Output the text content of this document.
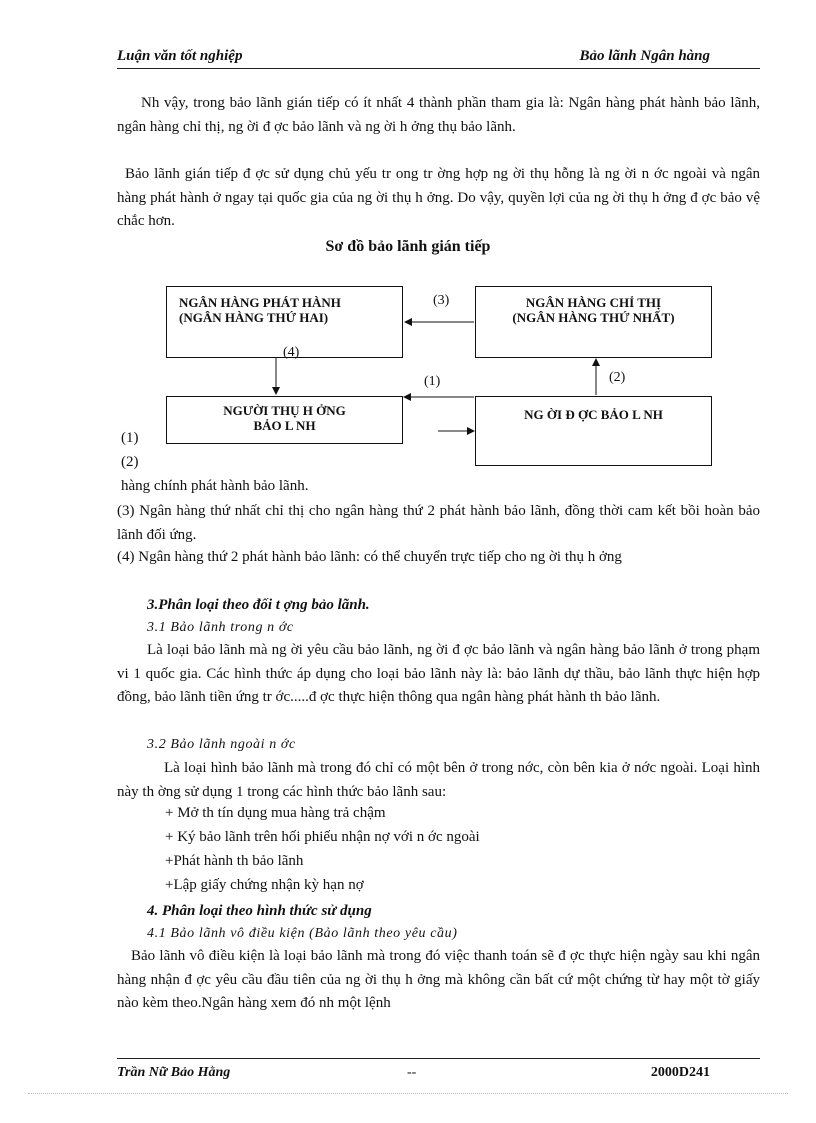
Luận văn tốt nghiệp	Bảo lãnh Ngân hàng

Nh vậy, trong bảo lãnh gián tiếp có ít nhất 4 thành phần tham gia là: Ngân hàng phát hành bảo lãnh, ngân hàng chỉ thị, ng ời đ ợc bảo lãnh và ng ời h ởng thụ bảo lãnh.

Bảo lãnh gián tiếp đ ợc sử dụng chủ yếu tr ong tr ờng hợp ng ời thụ hỗng là ng ời n ớc ngoài và ngân hàng phát hành ở ngay tại quốc gia của ng ời thụ h ởng. Do vậy, quyền lợi của ng ời thụ h ởng đ ợc bảo vệ chắc hơn.

Sơ đồ bảo lãnh gián tiếp
NGÂN HÀNG PHÁT HÀNH
(NGÂN HÀNG THỨ HAI)
NGÂN HÀNG CHỈ THỊ
(NGÂN HÀNG THỨ NHẤT)
NGƯỜI THỤ H ỞNG
BẢO L NH
NG ỜI Đ ỢC BẢO L NH
(3)
(4)
(1)	(2)

(1)

(2)

hàng chính phát hành bảo lãnh.

(3) Ngân hàng thứ nhất chỉ thị cho ngân hàng thứ 2 phát hành bảo lãnh, đồng thời cam kết bồi hoàn bảo lãnh đối ứng.

(4) Ngân hàng thứ 2 phát hành bảo lãnh: có thể chuyển trực tiếp cho ng ời thụ h ởng

3.Phân loại theo đối t ợng bảo lãnh.

3.1 Bảo lãnh trong n ớc

Là loại bảo lãnh mà ng ời yêu cầu bảo lãnh, ng ời đ ợc bảo lãnh và ngân hàng bảo lãnh ở trong phạm vi 1 quốc gia. Các hình thức áp dụng cho loại bảo lãnh này là: bảo lãnh dự thầu, bảo lãnh thực hiện hợp đồng, bảo lãnh tiền ứng tr ớc.....đ ợc thực hiện thông qua ngân hàng phát hành th bảo lãnh.

3.2 Bảo lãnh ngoài n ớc

Là loại hình bảo lãnh mà trong đó chỉ có một bên ở trong nớc, còn bên kia ở nớc ngoài. Loại hình này th ờng sử dụng 1 trong các hình thức bảo lãnh sau:

+ Mở th tín dụng mua hàng trả chậm

+ Ký bảo lãnh trên hối phiếu nhận nợ với n ớc ngoài

+Phát hành th bảo lãnh

+Lập giấy chứng nhận kỳ hạn nợ

4. Phân loại theo hình thức sử dụng

4.1 Bảo lãnh vô điều kiện (Bảo lãnh theo yêu cầu)

Bảo lãnh vô điều kiện là loại bảo lãnh mà trong đó việc thanh toán sẽ đ ợc thực hiện ngày sau khi ngân hàng nhận đ ợc yêu cầu đầu tiên của ng ời thụ h ởng mà không cần bất cứ một chứng từ hay một tờ giấy nào kèm theo.Ngân hàng xem đó nh một lệnh

Trần Nữ Bảo Hằng	--	2000D241
